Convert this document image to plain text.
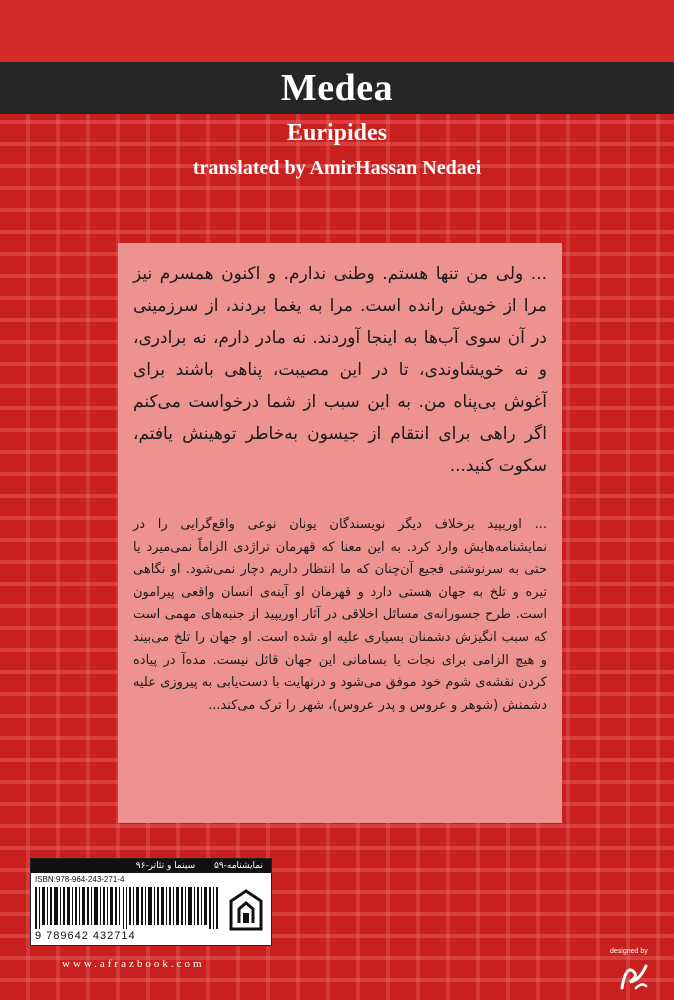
Medea
Euripides
translated by AmirHassan Nedaei
... ولی من تنها هستم. وطنی ندارم. و اکنون همسرم نیز مرا از خویش رانده است. مرا به یغما بردند، از سرزمینی در آن سوی آب‌ها به اینجا آوردند. نه مادر دارم، نه برادری، و نه خویشاوندی، تا در این مصیبت، پناهی باشند برای آغوش بی‌پناه من. به این سبب از شما درخواست می‌کنم اگر راهی برای انتقام از جیسون به‌خاطر توهینش یافتم، سکوت کنید...
... اوریپید برخلاف دیگر نویسندگان یونان نوعی واقع‌گرایی را در نمایشنامه‌هایش وارد کرد. به این معنا که قهرمان تراژدی الزاماً نمی‌میرد یا حتی به سرنوشتی فجیع آن‌چنان که ما انتظار داریم دچار نمی‌شود. او نگاهی تیره و تلخ به جهان هستی دارد و قهرمان او آینه‌ی انسان واقعی پیرامون است. طرح جسورانه‌ی مسائل اخلاقی در آثار اوریپید از جنبه‌های مهمی است که سبب انگیزش دشمنان بسیاری علیه او شده است. او جهان را تلخ می‌بیند و هیچ الزامی برای نجات یا بسامانی این جهان قائل نیست. مده‌آ در پیاده کردن نقشه‌ی شوم خود موفق می‌شود و درنهایت با دست‌یابی به پیروزی علیه دشمنش (شوهر و عروس و پدر عروس)، شهر را ترک می‌کند...
نمایشنامه-۵۹ سینما و تئاتر-۹۶
ISBN:978-964-243-271-4
9 789642 432714
www.afrazbook.com
designed by
